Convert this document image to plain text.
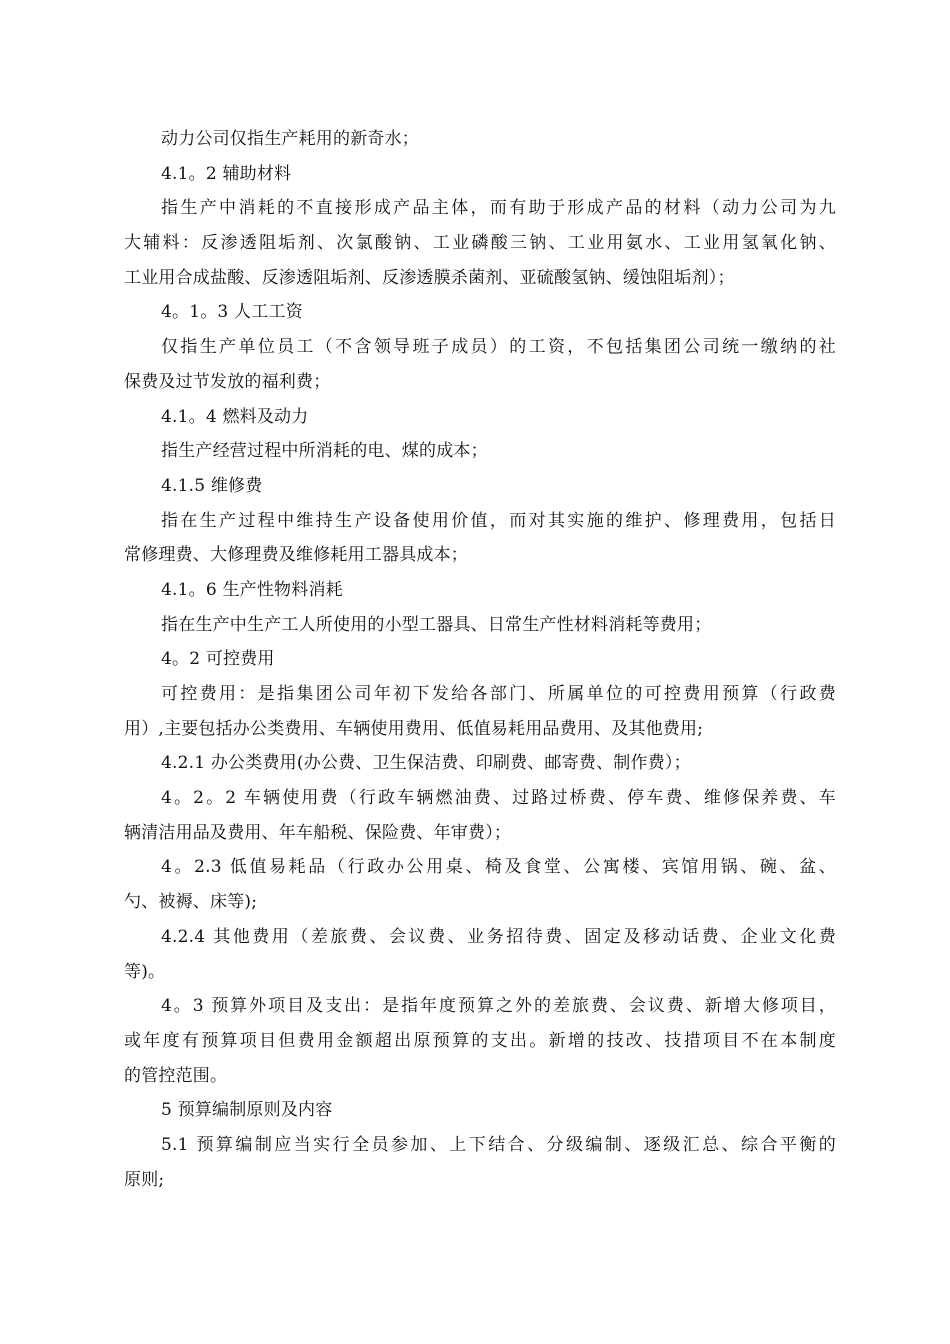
动力公司仅指生产耗用的新奇水；
4.1。2 辅助材料
指生产中消耗的不直接形成产品主体，而有助于形成产品的材料（动力公司为九
大辅料：反渗透阻垢剂、次氯酸钠、工业磷酸三钠、工业用氨水、工业用氢氧化钠、
工业用合成盐酸、反渗透阻垢剂、反渗透膜杀菌剂、亚硫酸氢钠、缓蚀阻垢剂）；
4。1。3 人工工资
仅指生产单位员工（不含领导班子成员）的工资，不包括集团公司统一缴纳的社
保费及过节发放的福利费；
4.1。4 燃料及动力
指生产经营过程中所消耗的电、煤的成本；
4.1.5 维修费
指在生产过程中维持生产设备使用价值，而对其实施的维护、修理费用，包括日
常修理费、大修理费及维修耗用工器具成本；
4.1。6 生产性物料消耗
指在生产中生产工人所使用的小型工器具、日常生产性材料消耗等费用；
4。2 可控费用
可控费用：是指集团公司年初下发给各部门、所属单位的可控费用预算（行政费
用）,主要包括办公类费用、车辆使用费用、低值易耗用品费用、及其他费用;
4.2.1 办公类费用(办公费、卫生保洁费、印刷费、邮寄费、制作费）；
4。2。2 车辆使用费（行政车辆燃油费、过路过桥费、停车费、维修保养费、车
辆清洁用品及费用、年车船税、保险费、年审费）；
4。2.3 低值易耗品（行政办公用桌、椅及食堂、公寓楼、宾馆用锅、碗、盆、
勺、被褥、床等);
4.2.4 其他费用（差旅费、会议费、业务招待费、固定及移动话费、企业文化费
等)。
4。3 预算外项目及支出：是指年度预算之外的差旅费、会议费、新增大修项目，
或年度有预算项目但费用金额超出原预算的支出。新增的技改、技措项目不在本制度
的管控范围。
5 预算编制原则及内容
5.1 预算编制应当实行全员参加、上下结合、分级编制、逐级汇总、综合平衡的
原则;
